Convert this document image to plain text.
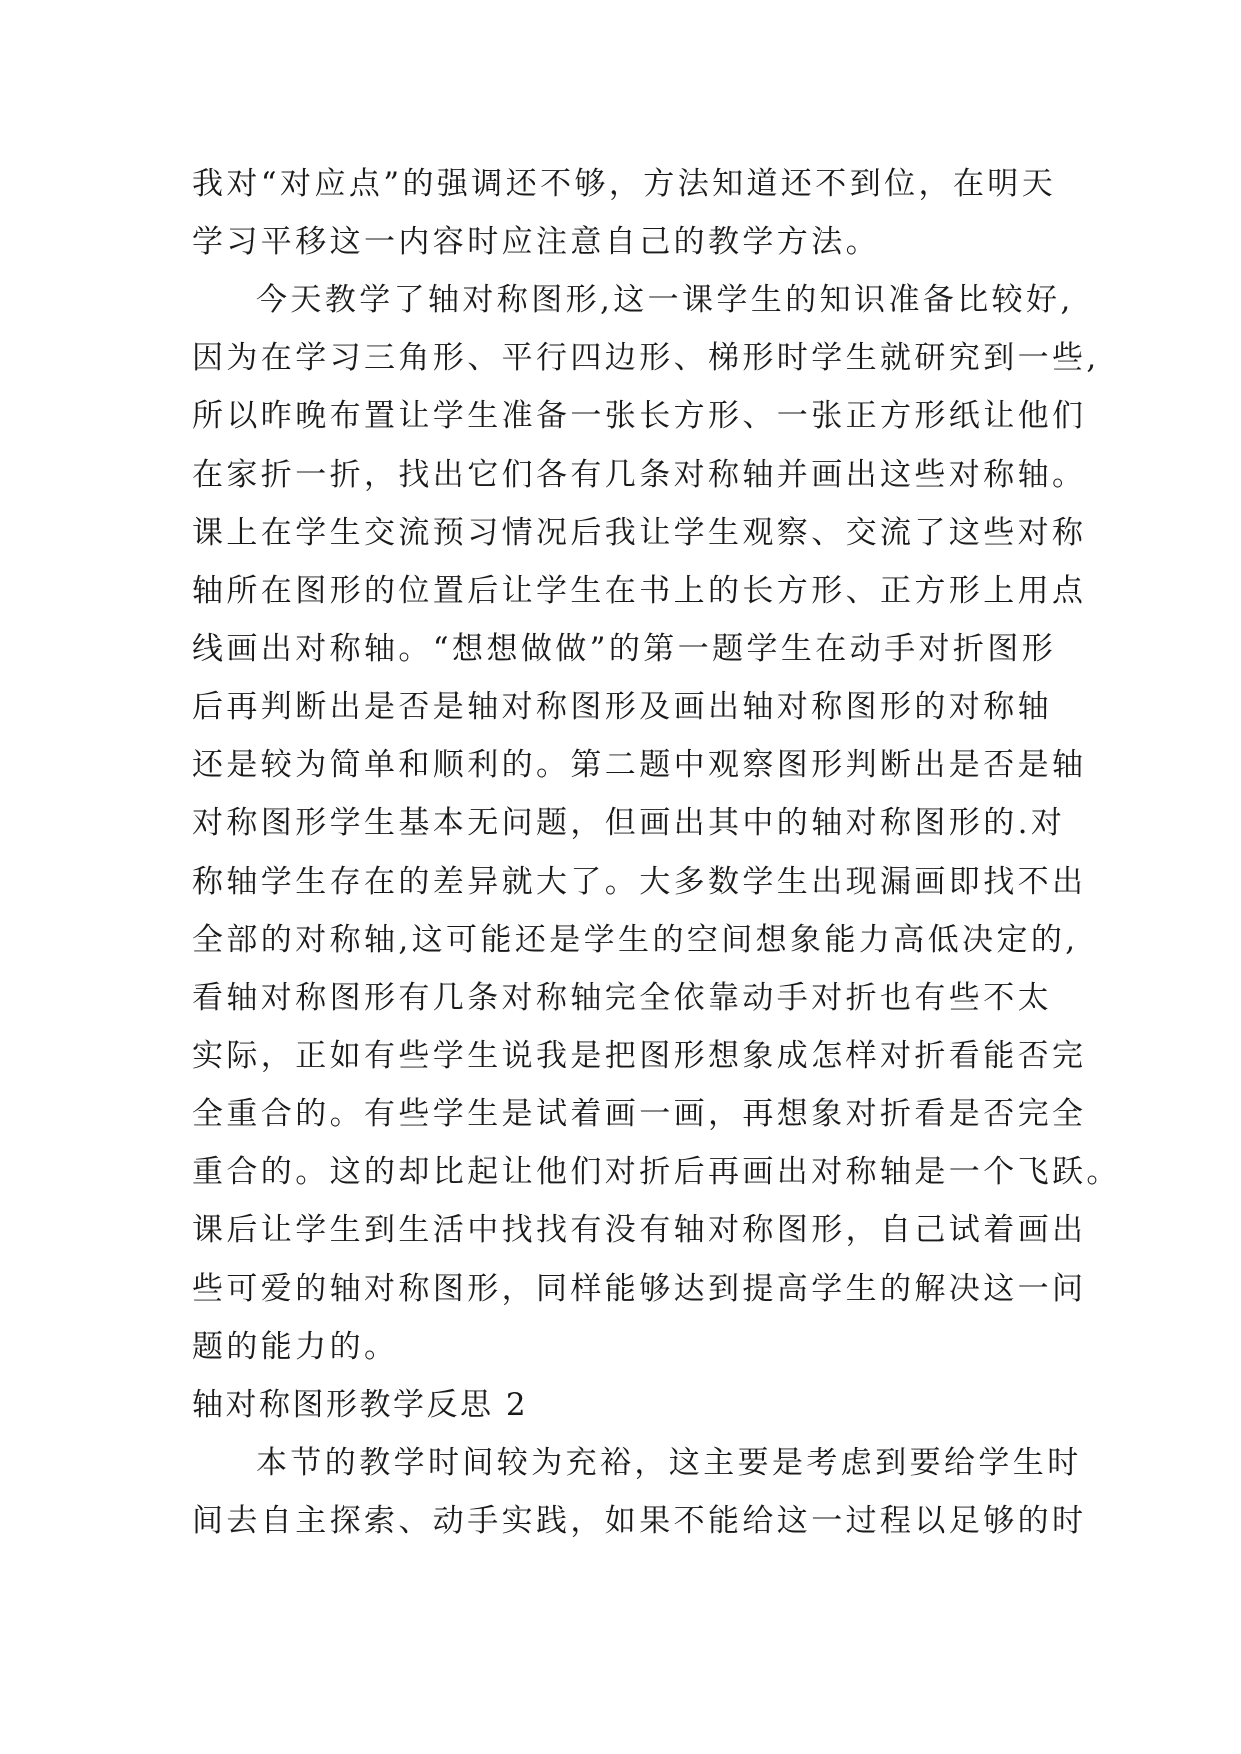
我对“对应点”的强调还不够，方法知道还不到位，在明天
学习平移这一内容时应注意自己的教学方法。
今天教学了轴对称图形,这一课学生的知识准备比较好,
因为在学习三角形、平行四边形、梯形时学生就研究到一些,
所以昨晚布置让学生准备一张长方形、一张正方形纸让他们
在家折一折，找出它们各有几条对称轴并画出这些对称轴。
课上在学生交流预习情况后我让学生观察、交流了这些对称
轴所在图形的位置后让学生在书上的长方形、正方形上用点
线画出对称轴。“想想做做”的第一题学生在动手对折图形
后再判断出是否是轴对称图形及画出轴对称图形的对称轴
还是较为简单和顺利的。第二题中观察图形判断出是否是轴
对称图形学生基本无问题，但画出其中的轴对称图形的.对
称轴学生存在的差异就大了。大多数学生出现漏画即找不出
全部的对称轴,这可能还是学生的空间想象能力高低决定的,
看轴对称图形有几条对称轴完全依靠动手对折也有些不太
实际，正如有些学生说我是把图形想象成怎样对折看能否完
全重合的。有些学生是试着画一画，再想象对折看是否完全
重合的。这的却比起让他们对折后再画出对称轴是一个飞跃。
课后让学生到生活中找找有没有轴对称图形，自己试着画出
些可爱的轴对称图形，同样能够达到提高学生的解决这一问
题的能力的。
轴对称图形教学反思 2
本节的教学时间较为充裕，这主要是考虑到要给学生时
间去自主探索、动手实践，如果不能给这一过程以足够的时
